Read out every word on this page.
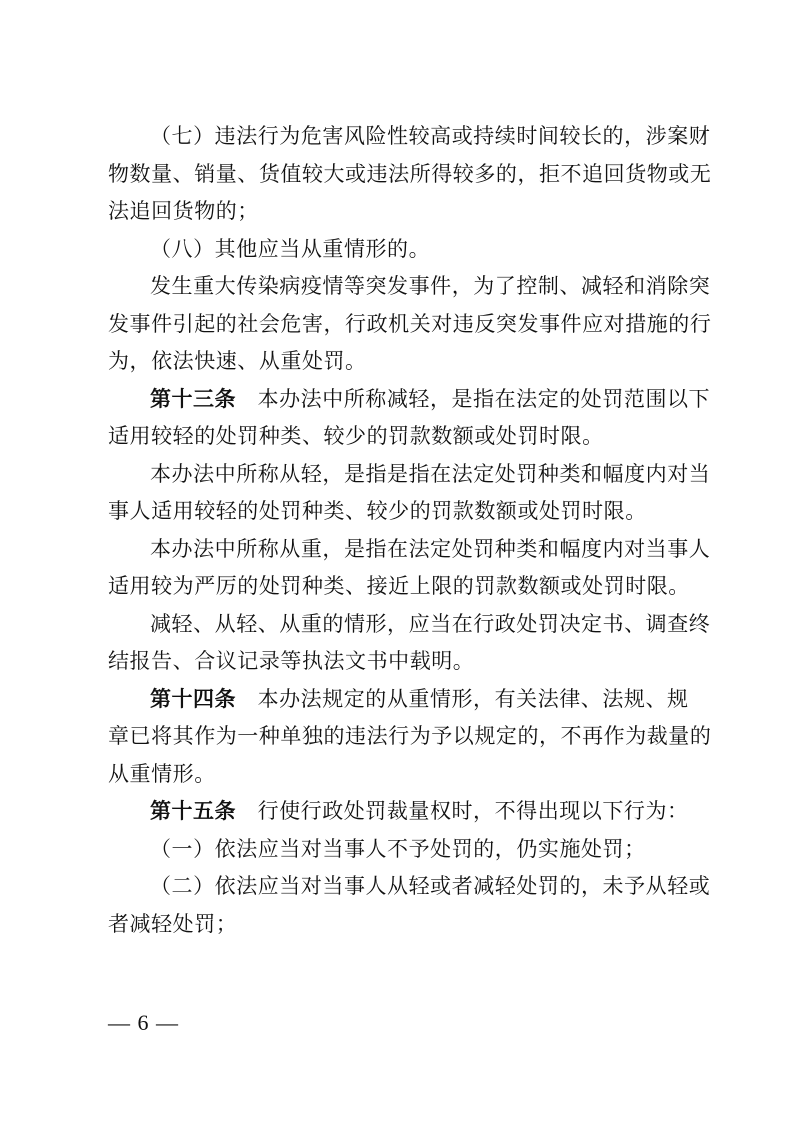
（七）违法行为危害风险性较高或持续时间较长的，涉案财
物数量、销量、货值较大或违法所得较多的，拒不追回货物或无
法追回货物的；
（八）其他应当从重情形的。
发生重大传染病疫情等突发事件，为了控制、减轻和消除突
发事件引起的社会危害，行政机关对违反突发事件应对措施的行
为，依法快速、从重处罚。
第十三条  本办法中所称减轻，是指在法定的处罚范围以下
适用较轻的处罚种类、较少的罚款数额或处罚时限。
本办法中所称从轻，是指是指在法定处罚种类和幅度内对当
事人适用较轻的处罚种类、较少的罚款数额或处罚时限。
本办法中所称从重，是指在法定处罚种类和幅度内对当事人
适用较为严厉的处罚种类、接近上限的罚款数额或处罚时限。
减轻、从轻、从重的情形，应当在行政处罚决定书、调查终
结报告、合议记录等执法文书中载明。
第十四条  本办法规定的从重情形，有关法律、法规、规
章已将其作为一种单独的违法行为予以规定的，不再作为裁量的
从重情形。
第十五条  行使行政处罚裁量权时，不得出现以下行为：
（一）依法应当对当事人不予处罚的，仍实施处罚；
（二）依法应当对当事人从轻或者减轻处罚的，未予从轻或
者减轻处罚；
— 6 —
